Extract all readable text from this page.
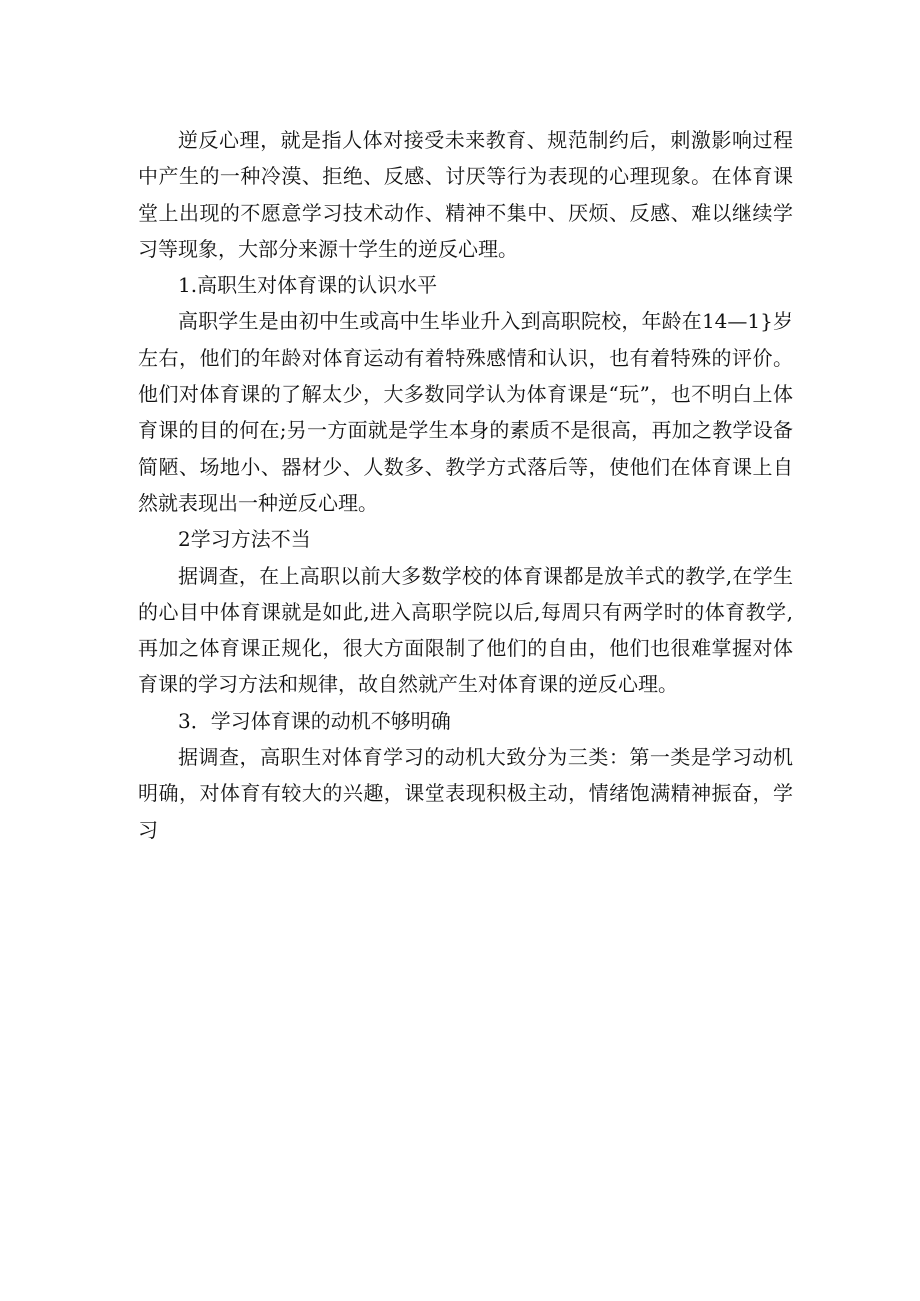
逆反心理，就是指人体对接受未来教育、规范制约后，刺激影响过程中产生的一种冷漠、拒绝、反感、讨厌等行为表现的心理现象。在体育课堂上出现的不愿意学习技术动作、精神不集中、厌烦、反感、难以继续学习等现象，大部分来源十学生的逆反心理。

1.高职生对体育课的认识水平

高职学生是由初中生或高中生毕业升入到高职院校，年龄在14—1}岁左右，他们的年龄对体育运动有着特殊感情和认识，也有着特殊的评价。他们对体育课的了解太少，大多数同学认为体育课是“玩”，也不明白上体育课的目的何在;另一方面就是学生本身的素质不是很高，再加之教学设备简陋、场地小、器材少、人数多、教学方式落后等，使他们在体育课上自然就表现出一种逆反心理。

2学习方法不当

据调查，在上高职以前大多数学校的体育课都是放羊式的教学,在学生的心目中体育课就是如此,进入高职学院以后,每周只有两学时的体育教学,再加之体育课正规化，很大方面限制了他们的自由，他们也很难掌握对体育课的学习方法和规律，故自然就产生对体育课的逆反心理。

3．学习体育课的动机不够明确

据调查，高职生对体育学习的动机大致分为三类：第一类是学习动机明确，对体育有较大的兴趣，课堂表现积极主动，情绪饱满精神振奋，学习
